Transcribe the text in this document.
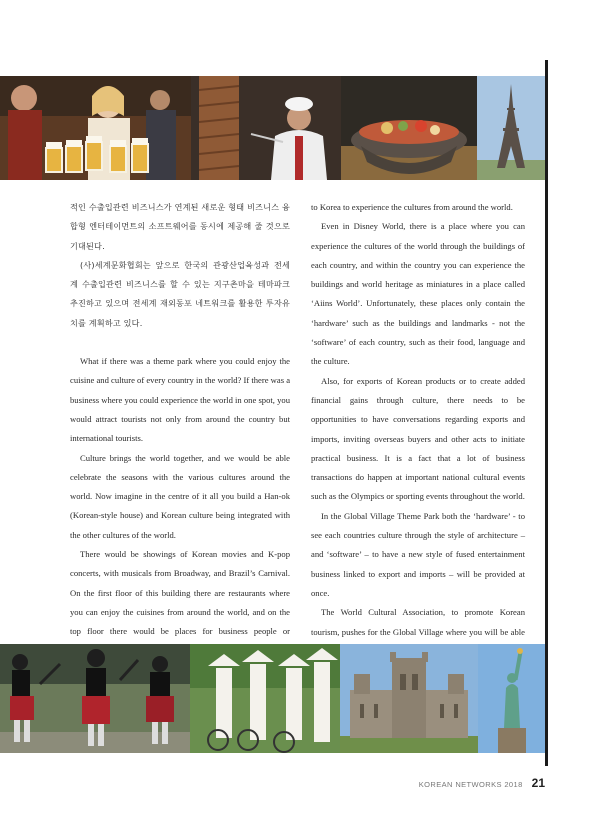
적인 수출입관련 비즈니스가 연계된 새로운 형태 비즈니스 융합형 엔터테이먼트의 소프트웨어를 동시에 제공해 줄 것으로 기대된다.

(사)세계문화협회는 앞으로 한국의 관광산업육성과 전세계 수출입관련 비즈니스를 할 수 있는 지구촌마을 테마파크 추진하고 있으며 전세계 재외동포 네트워크를 활용한 투자유치를 계획하고 있다.

What if there was a theme park where you could enjoy the cuisine and culture of every country in the world? If there was a business where you could experience the world in one spot, you would attract tourists not only from around the country but international tourists.

Culture brings the world together, and we would be able celebrate the seasons with the various cultures around the world. Now imagine in the centre of it all you build a Han-ok (Korean-style house) and Korean culture being integrated with the other cultures of the world.

There would be showings of Korean movies and K-pop concerts, with musicals from Broadway, and Brazil’s Carnival. On the first floor of this building there are restaurants where you can enjoy the cuisines from around the world, and on the top floor there would be places for business people or

to Korea to experience the cultures from around the world.

Even in Disney World, there is a place where you can experience the cultures of the world through the buildings of each country, and within the country you can experience the buildings and world heritage as miniatures in a place called ‘Aiins World’. Unfortunately, these places only contain the ‘hardware’ such as the buildings and landmarks - not the ‘software’ of each country, such as their food, language and the culture.

Also, for exports of Korean products or to create added financial gains through culture, there needs to be opportunities to have conversations regarding exports and imports, inviting overseas buyers and other acts to initiate practical business. It is a fact that a lot of business transactions do happen at important national cultural events such as the Olympics or sporting events throughout the world.

In the Global Village Theme Park both the ‘hardware’ - to see each countries culture through the style of architecture – and ‘software’ – to have a new style of fused entertainment business linked to export and imports – will be provided at once.

The World Cultural Association, to promote Korean tourism, pushes for the Global Village where you will be able

KOREAN NETWORKS 2018 21
